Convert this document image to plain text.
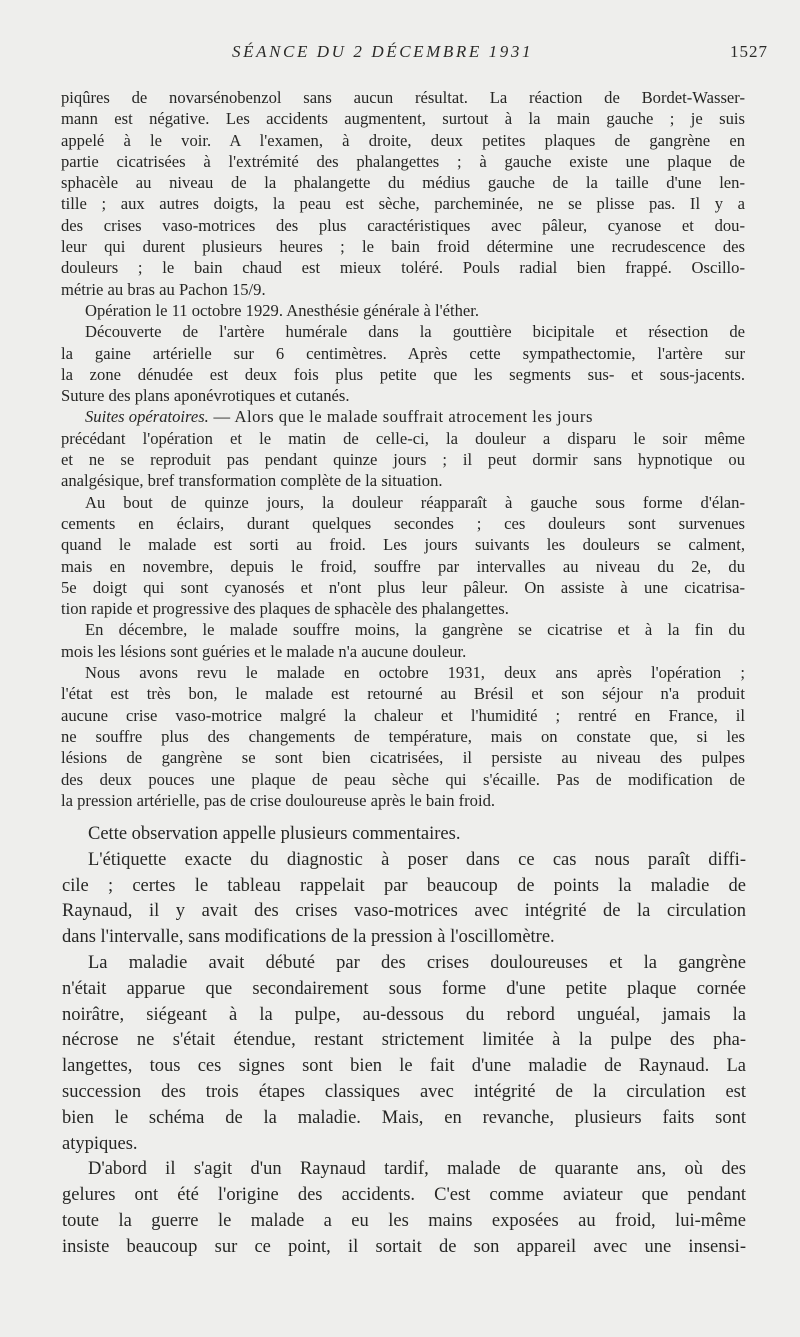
SÉANCE DU 2 DÉCEMBRE 1931	1527
piqûres de novarsénobenzol sans aucun résultat. La réaction de Bordet-Wasser-
mann est négative. Les accidents augmentent, surtout à la main gauche ; je suis
appelé à le voir. A l'examen, à droite, deux petites plaques de gangrène en
partie cicatrisées à l'extrémité des phalangettes ; à gauche existe une plaque de
sphacèle au niveau de la phalangette du médius gauche de la taille d'une len-
tille ; aux autres doigts, la peau est sèche, parcheminée, ne se plisse pas. Il y a
des crises vaso-motrices des plus caractéristiques avec pâleur, cyanose et dou-
leur qui durent plusieurs heures ; le bain froid détermine une recrudescence des
douleurs ; le bain chaud est mieux toléré. Pouls radial bien frappé. Oscillo-
métrie au bras au Pachon 15/9.
Opération le 11 octobre 1929. Anesthésie générale à l'éther.
Découverte de l'artère humérale dans la gouttière bicipitale et résection de
la gaine artérielle sur 6 centimètres. Après cette sympathectomie, l'artère sur
la zone dénudée est deux fois plus petite que les segments sus- et sous-jacents.
Suture des plans aponévrotiques et cutanés.
Suites opératoires. — Alors que le malade souffrait atrocement les jours
précédant l'opération et le matin de celle-ci, la douleur a disparu le soir même
et ne se reproduit pas pendant quinze jours ; il peut dormir sans hypnotique ou
analgésique, bref transformation complète de la situation.
Au bout de quinze jours, la douleur réapparaît à gauche sous forme d'élan-
cements en éclairs, durant quelques secondes ; ces douleurs sont survenues
quand le malade est sorti au froid. Les jours suivants les douleurs se calment,
mais en novembre, depuis le froid, souffre par intervalles au niveau du 2e, du
5e doigt qui sont cyanosés et n'ont plus leur pâleur. On assiste à une cicatrisa-
tion rapide et progressive des plaques de sphacèle des phalangettes.
En décembre, le malade souffre moins, la gangrène se cicatrise et à la fin du
mois les lésions sont guéries et le malade n'a aucune douleur.
Nous avons revu le malade en octobre 1931, deux ans après l'opération ;
l'état est très bon, le malade est retourné au Brésil et son séjour n'a produit
aucune crise vaso-motrice malgré la chaleur et l'humidité ; rentré en France, il
ne souffre plus des changements de température, mais on constate que, si les
lésions de gangrène se sont bien cicatrisées, il persiste au niveau des pulpes
des deux pouces une plaque de peau sèche qui s'écaille. Pas de modification de
la pression artérielle, pas de crise douloureuse après le bain froid.
Cette observation appelle plusieurs commentaires.
L'étiquette exacte du diagnostic à poser dans ce cas nous paraît diffi-
cile ; certes le tableau rappelait par beaucoup de points la maladie de
Raynaud, il y avait des crises vaso-motrices avec intégrité de la circulation
dans l'intervalle, sans modifications de la pression à l'oscillomètre.
La maladie avait débuté par des crises douloureuses et la gangrène
n'était apparue que secondairement sous forme d'une petite plaque cornée
noirâtre, siégeant à la pulpe, au-dessous du rebord unguéal, jamais la
nécrose ne s'était étendue, restant strictement limitée à la pulpe des pha-
langettes, tous ces signes sont bien le fait d'une maladie de Raynaud. La
succession des trois étapes classiques avec intégrité de la circulation est
bien le schéma de la maladie. Mais, en revanche, plusieurs faits sont
atypiques.
D'abord il s'agit d'un Raynaud tardif, malade de quarante ans, où des
gelures ont été l'origine des accidents. C'est comme aviateur que pendant
toute la guerre le malade a eu les mains exposées au froid, lui-même
insiste beaucoup sur ce point, il sortait de son appareil avec une insensi-
